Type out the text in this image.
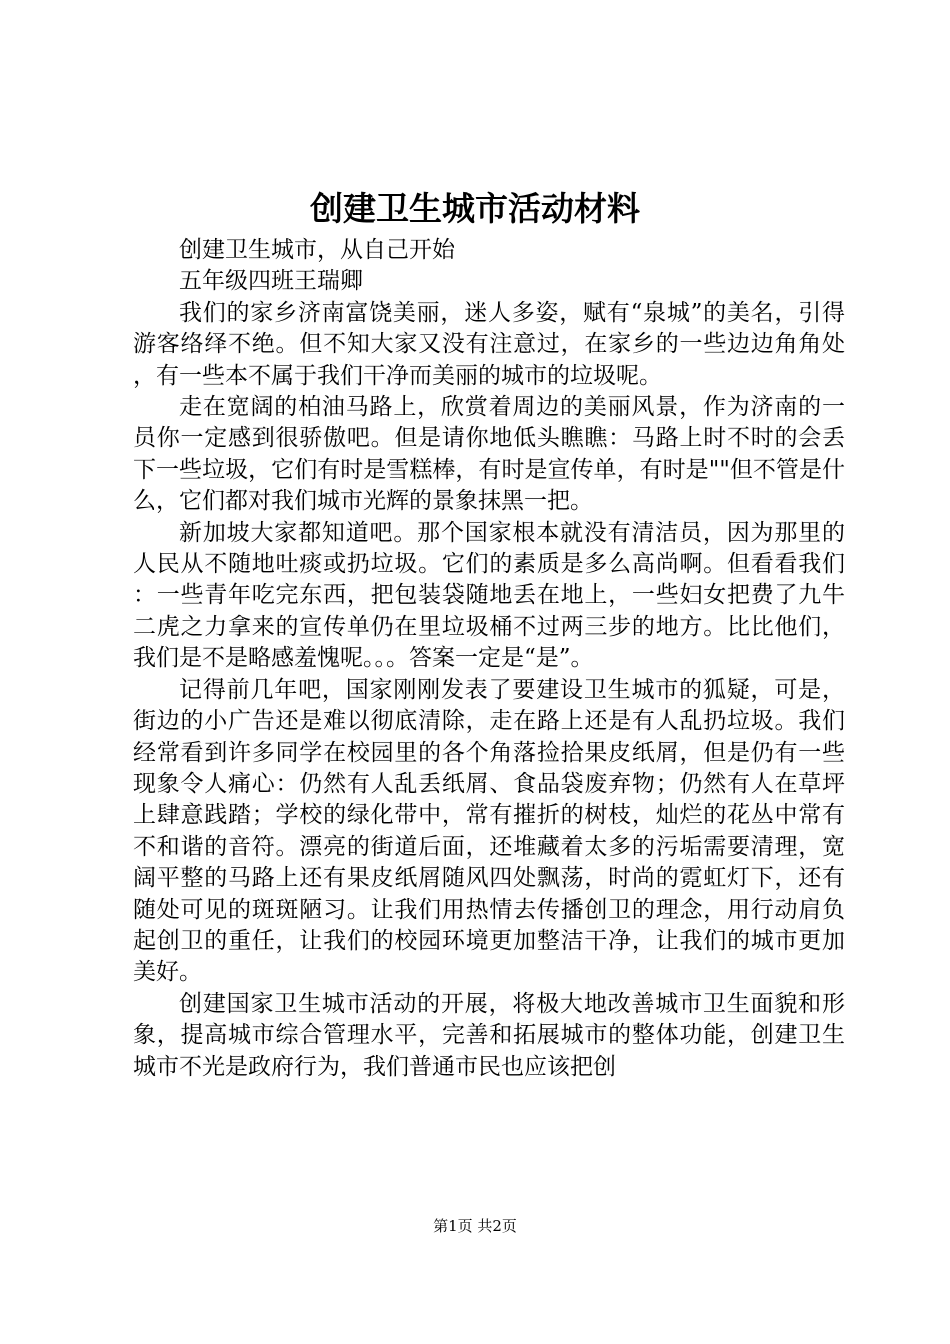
创建卫生城市活动材料

创建卫生城市，从自己开始

五年级四班王瑞卿

我们的家乡济南富饶美丽，迷人多姿，赋有“泉城”的美名，引得游客络绎不绝。但不知大家又没有注意过，在家乡的一些边边角角处，有一些本不属于我们干净而美丽的城市的垃圾呢。

走在宽阔的柏油马路上，欣赏着周边的美丽风景，作为济南的一员你一定感到很骄傲吧。但是请你地低头瞧瞧：马路上时不时的会丢下一些垃圾，它们有时是雪糕棒，有时是宣传单，有时是""但不管是什么，它们都对我们城市光辉的景象抹黑一把。

新加坡大家都知道吧。那个国家根本就没有清洁员，因为那里的人民从不随地吐痰或扔垃圾。它们的素质是多么高尚啊。但看看我们：一些青年吃完东西，把包装袋随地丢在地上，一些妇女把费了九牛二虎之力拿来的宣传单仍在里垃圾桶不过两三步的地方。比比他们，我们是不是略感羞愧呢。。。答案一定是“是”。

记得前几年吧，国家刚刚发表了要建设卫生城市的狐疑，可是，街边的小广告还是难以彻底清除，走在路上还是有人乱扔垃圾。我们经常看到许多同学在校园里的各个角落捡拾果皮纸屑，但是仍有一些现象令人痛心：仍然有人乱丢纸屑、食品袋废弃物；仍然有人在草坪上肆意践踏；学校的绿化带中，常有摧折的树枝，灿烂的花丛中常有不和谐的音符。漂亮的街道后面，还堆藏着太多的污垢需要清理，宽阔平整的马路上还有果皮纸屑随风四处飘荡，时尚的霓虹灯下，还有随处可见的斑斑陋习。让我们用热情去传播创卫的理念，用行动肩负起创卫的重任，让我们的校园环境更加整洁干净，让我们的城市更加美好。

创建国家卫生城市活动的开展，将极大地改善城市卫生面貌和形象，提高城市综合管理水平，完善和拓展城市的整体功能，创建卫生城市不光是政府行为，我们普通市民也应该把创

第1页 共2页
